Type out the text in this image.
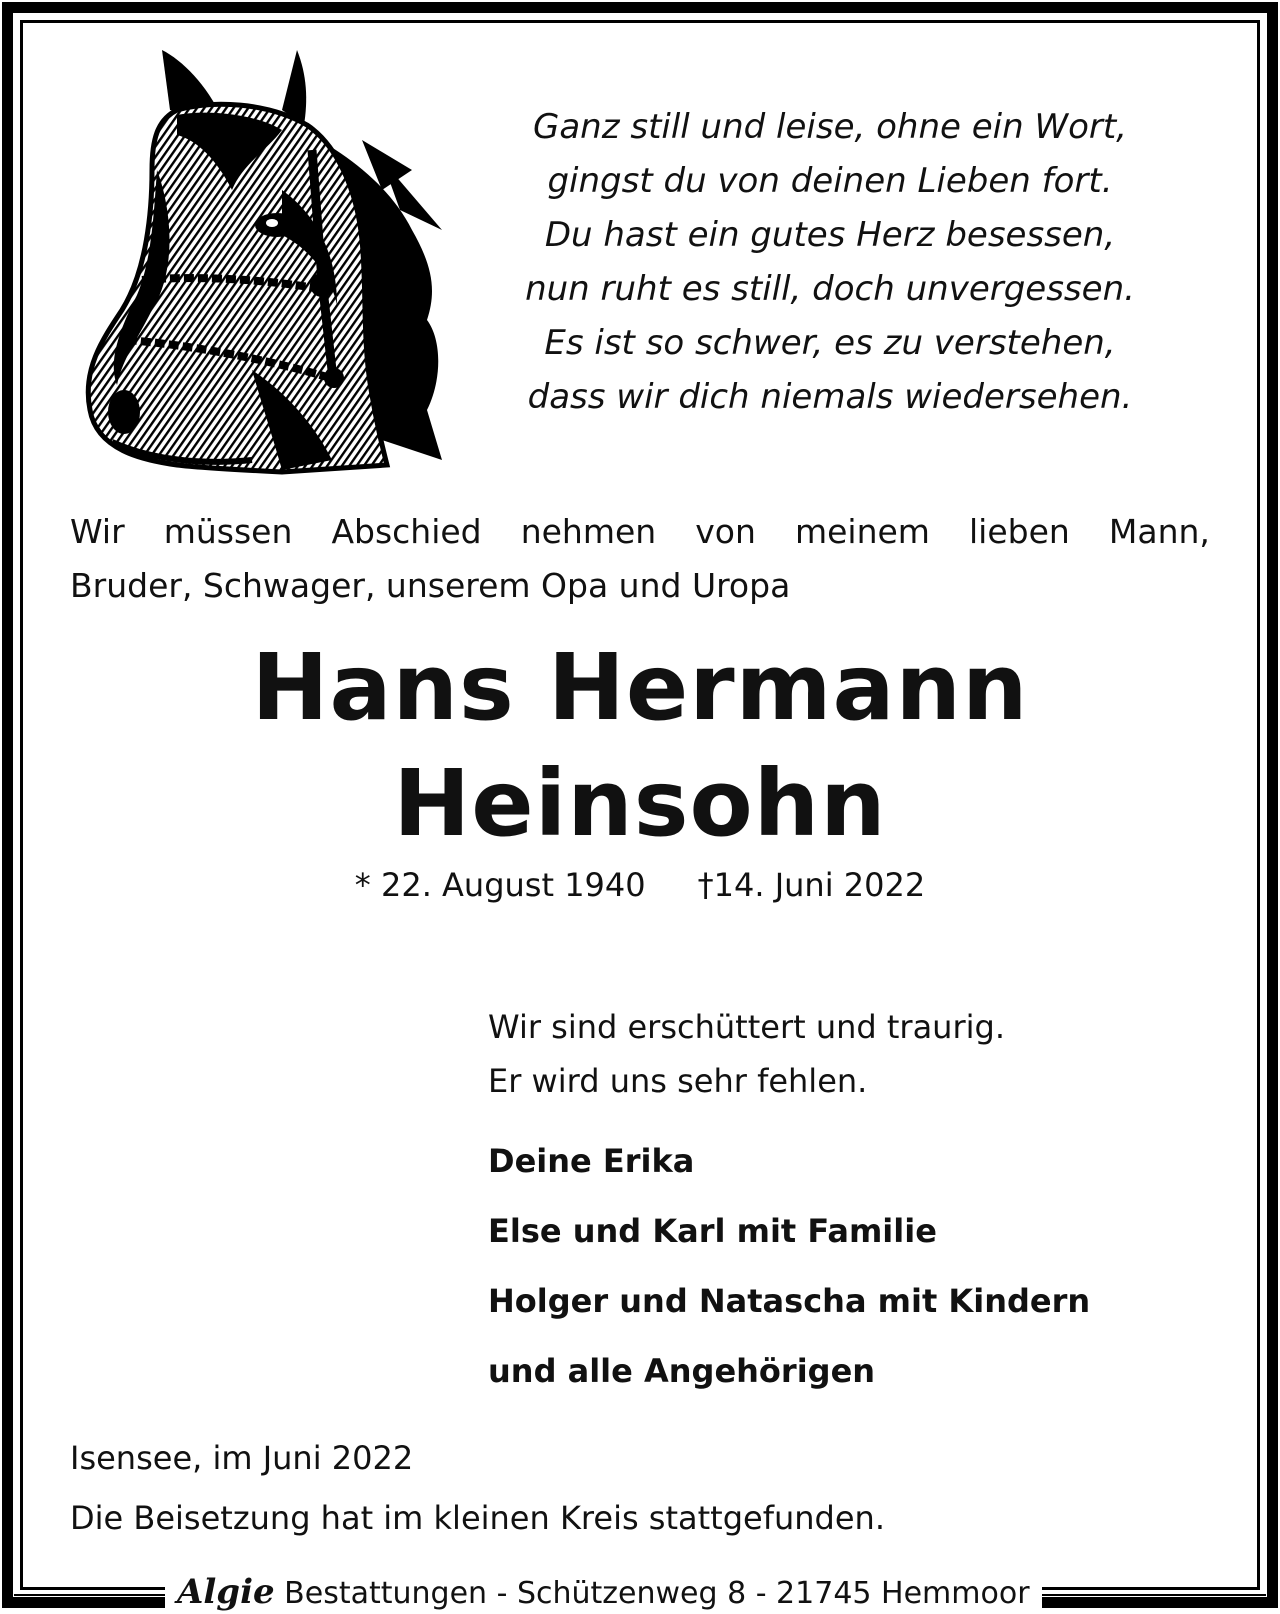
Ganz still und leise, ohne ein Wort,
gingst du von deinen Lieben fort.
Du hast ein gutes Herz besessen,
nun ruht es still, doch unvergessen.
Es ist so schwer, es zu verstehen,
dass wir dich niemals wiedersehen.
Wir müssen Abschied nehmen von meinem lieben Mann,
Bruder, Schwager, unserem Opa und Uropa
Hans Hermann
Heinsohn
* 22. August 1940 †14. Juni 2022
Wir sind erschüttert und traurig.
Er wird uns sehr fehlen.
Deine Erika
Else und Karl mit Familie
Holger und Natascha mit Kindern
und alle Angehörigen
Isensee, im Juni 2022
Die Beisetzung hat im kleinen Kreis stattgefunden.
Algie Bestattungen - Schützenweg 8 - 21745 Hemmoor
